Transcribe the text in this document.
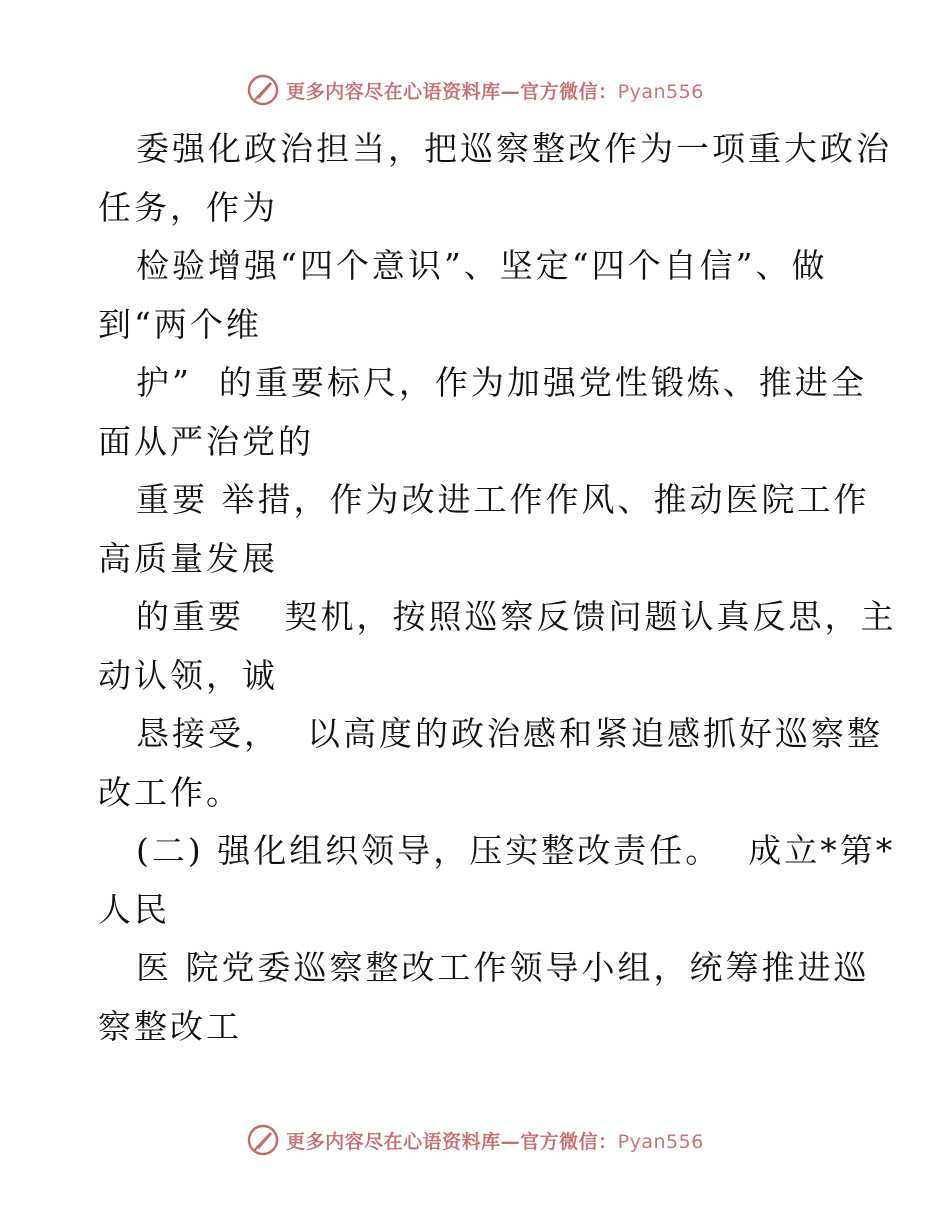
更多内容尽在心语资料库—官方微信：Pyan556
委强化政治担当，把巡察整改作为一项重大政治
任务，作为
检验增强“四个意识”、坚定“四个自信”、做
到“两个维
护”  的重要标尺，作为加强党性锻炼、推进全
面从严治党的
重要 举措，作为改进工作作风、推动医院工作
高质量发展
的重要   契机，按照巡察反馈问题认真反思，主
动认领，诚
恳接受，  以高度的政治感和紧迫感抓好巡察整
改工作。
(二) 强化组织领导，压实整改责任。  成立*第*
人民
医 院党委巡察整改工作领导小组，统筹推进巡
察整改工
更多内容尽在心语资料库—官方微信：Pyan556
